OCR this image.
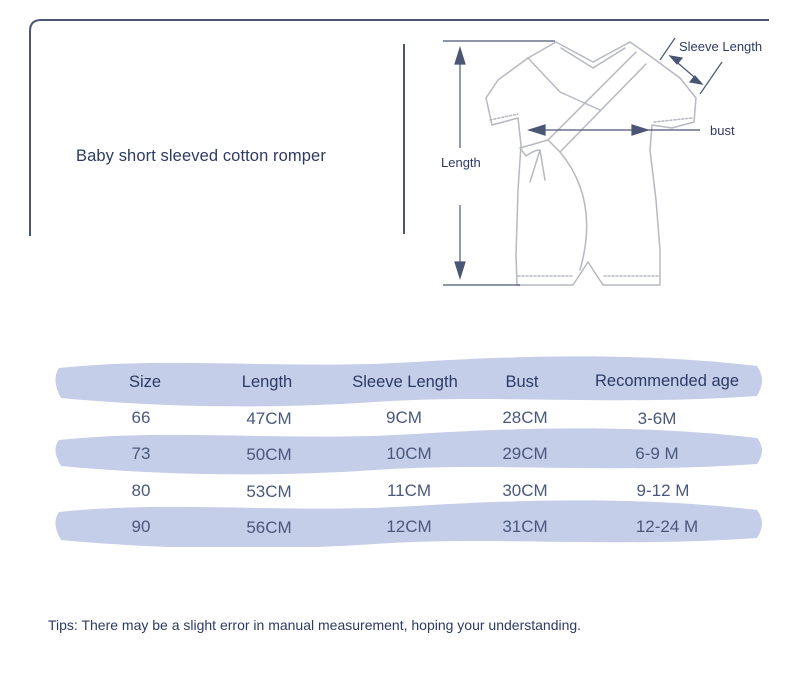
Baby short sleeved cotton romper	Length
Sleeve Length
bust
Size	Length	Sleeve Length	Bust	Recommended age
66	47CM	9CM	28CM	3-6M
73	50CM	10CM	29CM	6-9 M
80	53CM	11CM	30CM	9-12 M
90	56CM	12CM	31CM	12-24 M
Tips: There may be a slight error in manual measurement, hoping your understanding.
